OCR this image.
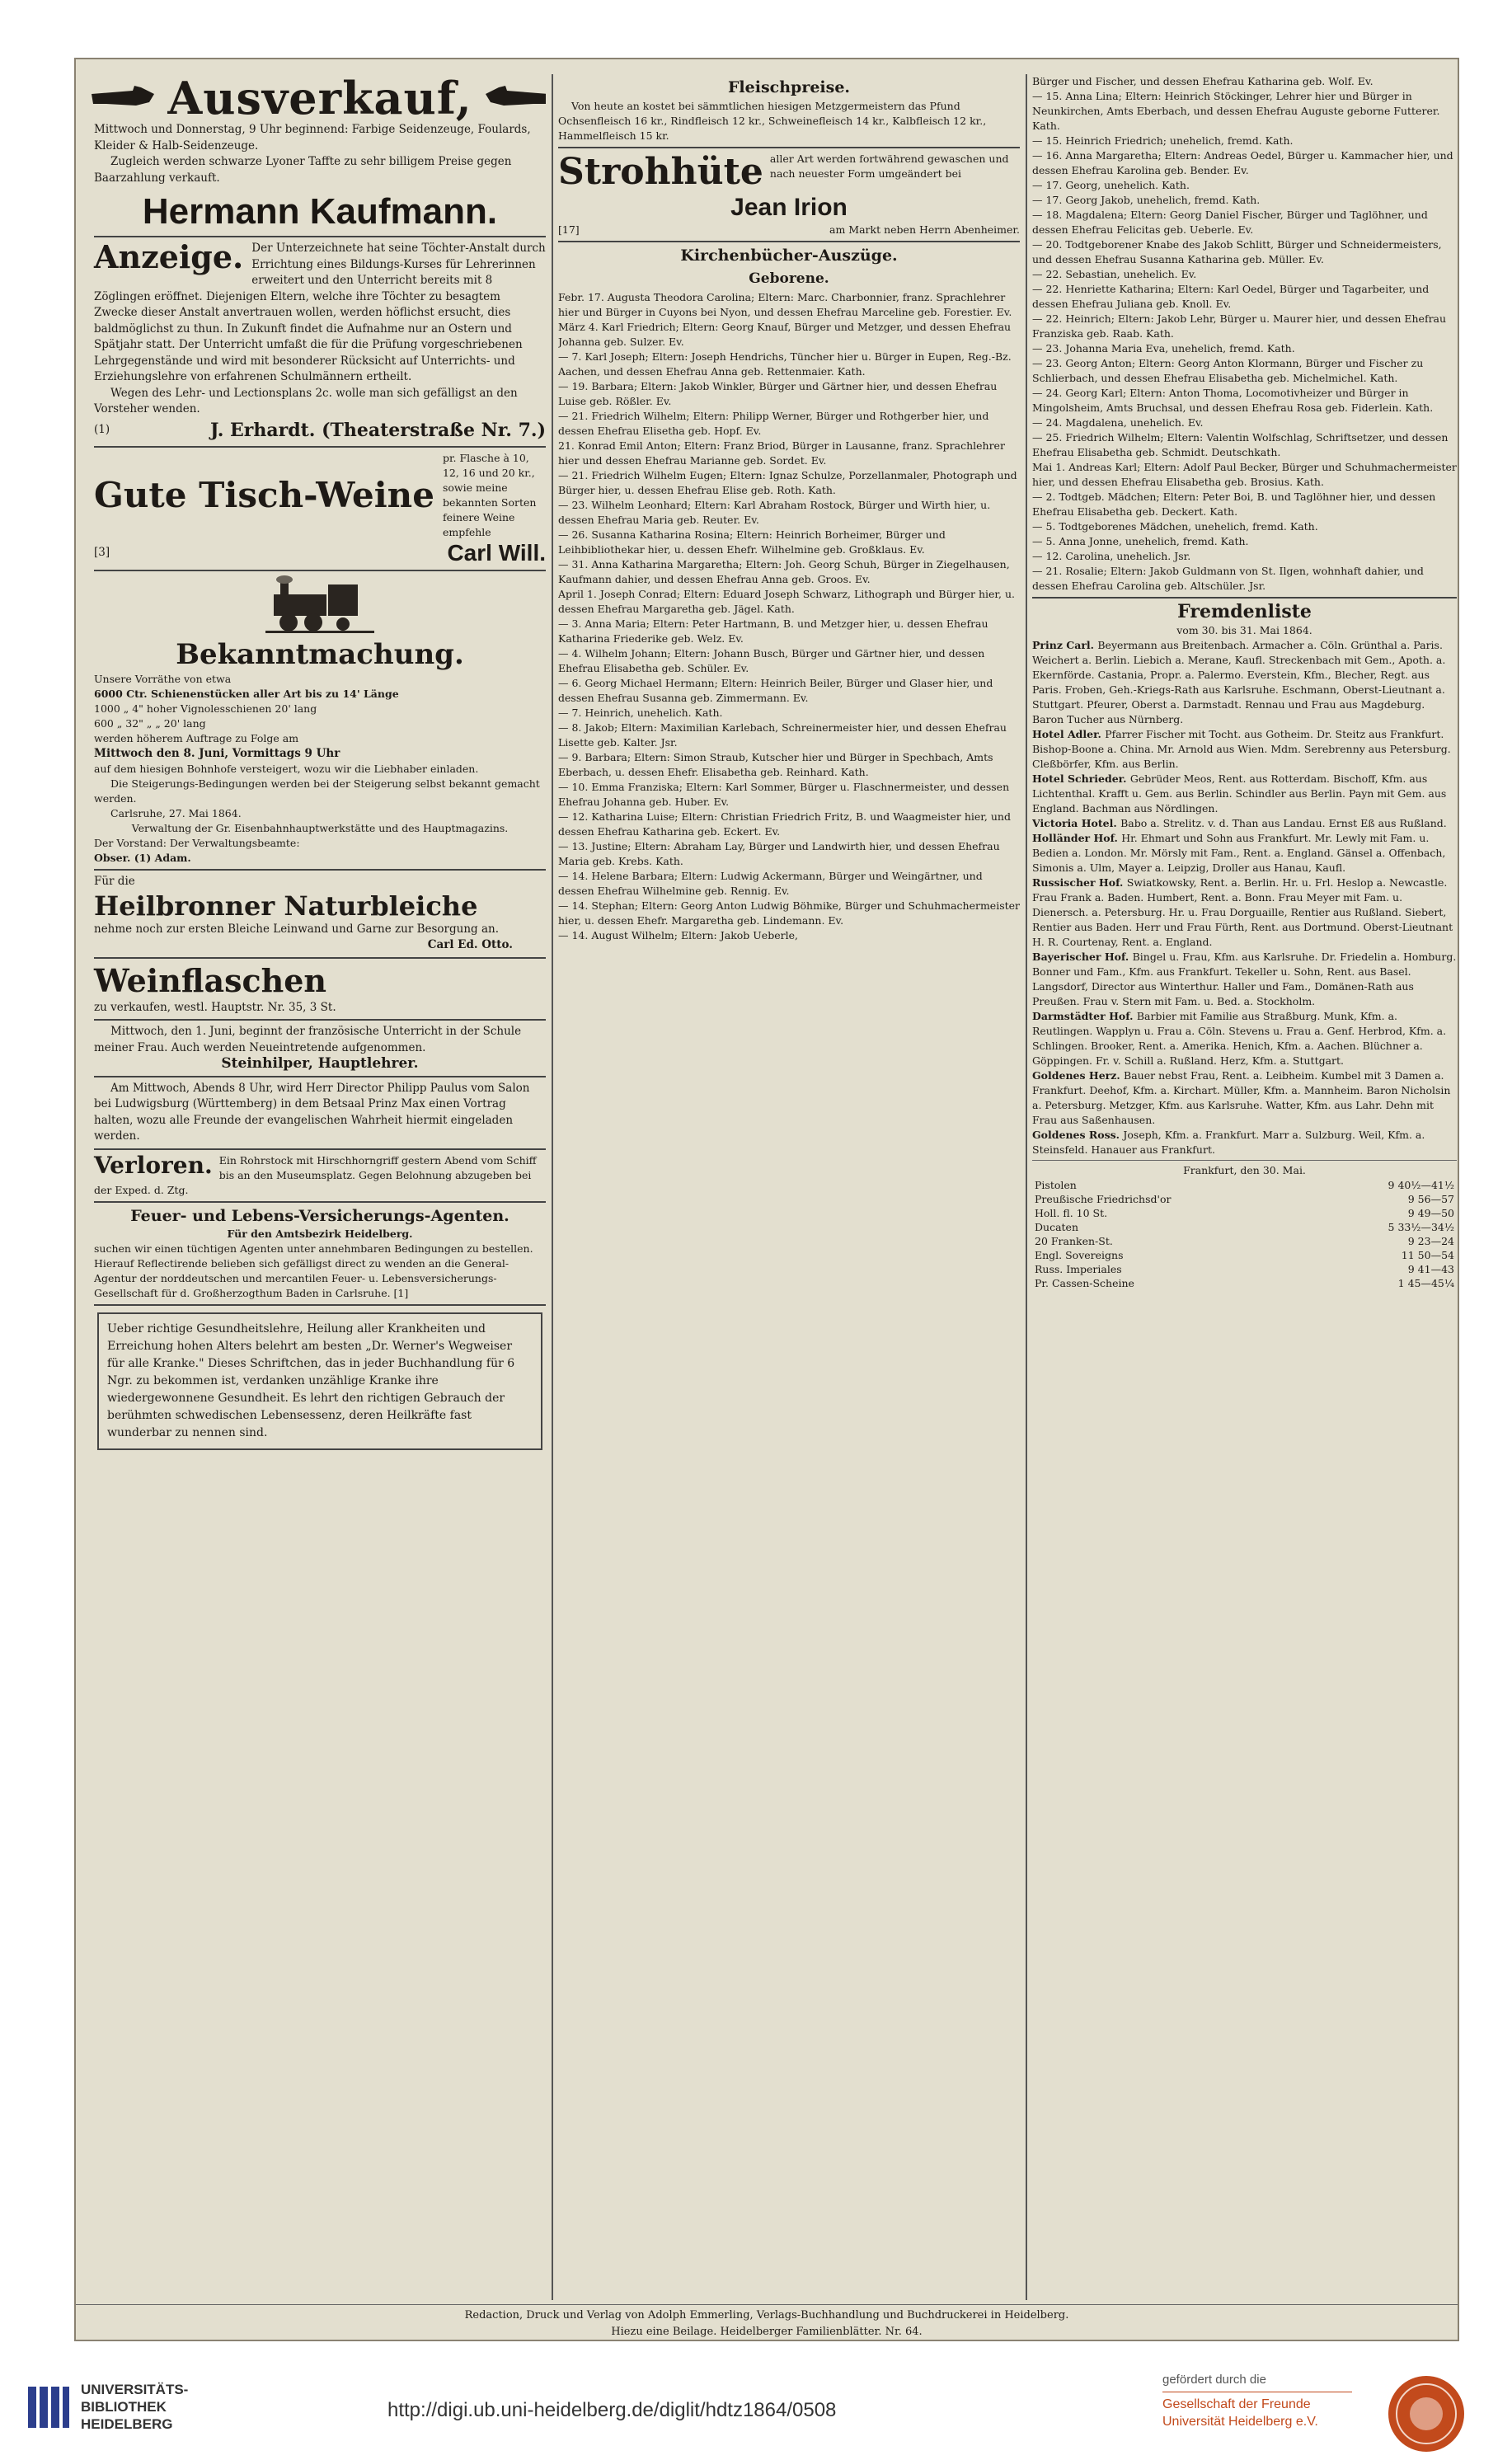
Ausverkauf,

Mittwoch und Donnerstag, 9 Uhr beginnend: Farbige Seidenzeuge, Foulards, Kleider & Halb-Seidenzeuge.

Zugleich werden schwarze Lyoner Taffte zu sehr billigem Preise gegen Baarzahlung verkauft.

Hermann Kaufmann.

Anzeige. Der Unterzeichnete hat seine Töchter-Anstalt durch Errichtung eines Bildungs-Kurses für Lehrerinnen erweitert und den Unterricht bereits mit 8 Zöglingen eröffnet. Diejenigen Eltern, welche ihre Töchter zu besagtem Zwecke dieser Anstalt anvertrauen wollen, werden höflichst ersucht, dies baldmöglichst zu thun. In Zukunft findet die Aufnahme nur an Ostern und Spätjahr statt. Der Unterricht umfaßt die für die Prüfung vorgeschriebenen Lehrgegenstände und wird mit besonderer Rücksicht auf Unterrichts- und Erziehungslehre von erfahrenen Schulmännern ertheilt.

Wegen des Lehr- und Lectionsplans 2c. wolle man sich gefälligst an den Vorsteher wenden.

(1)	J. Erhardt. (Theaterstraße Nr. 7.)
Gute Tisch-Weine
pr. Flasche à 10, 12, 16 und 20 kr., sowie meine bekannten Sorten feinere Weine empfehle
[3]	Carl Will.
Bekanntmachung.
Unsere Vorräthe von etwa
6000 Ctr. Schienenstücken aller Art bis zu 14' Länge
1000 „ 4" hoher Vignolesschienen 20' lang
600 „ 32" „ „ 20' lang
werden höherem Auftrage zu Folge am
Mittwoch den 8. Juni, Vormittags 9 Uhr
auf dem hiesigen Bohnhofe versteigert, wozu wir die Liebhaber einladen.
Die Steigerungs-Bedingungen werden bei der Steigerung selbst bekannt gemacht werden.
Carlsruhe, 27. Mai 1864.
Verwaltung der Gr. Eisenbahnhauptwerkstätte und des Hauptmagazins.
Der Vorstand: Der Verwaltungsbeamte:
Obser. (1) Adam.
Für die
Heilbronner Naturbleiche
nehme noch zur ersten Bleiche Leinwand und Garne zur Besorgung an.
Carl Ed. Otto.
Weinflaschen
zu verkaufen, westl. Hauptstr. Nr. 35, 3 St.

Mittwoch, den 1. Juni, beginnt der französische Unterricht in der Schule meiner Frau. Auch werden Neueintretende aufgenommen.

Steinhilper, Hauptlehrer.

Am Mittwoch, Abends 8 Uhr, wird Herr Director Philipp Paulus vom Salon bei Ludwigsburg (Württemberg) in dem Betsaal Prinz Max einen Vortrag halten, wozu alle Freunde der evangelischen Wahrheit hiermit eingeladen werden.

Verloren. Ein Rohrstock mit Hirschhorngriff gestern Abend vom Schiff bis an den Museumsplatz. Gegen Belohnung abzugeben bei der Exped. d. Ztg.

Feuer- und Lebens-Versicherungs-Agenten.
Für den Amtsbezirk Heidelberg.

suchen wir einen tüchtigen Agenten unter annehmbaren Bedingungen zu bestellen. Hierauf Reflectirende belieben sich gefälligst direct zu wenden an die General-Agentur der norddeutschen und mercantilen Feuer- u. Lebensversicherungs-Gesellschaft für d. Großherzogthum Baden in Carlsruhe. [1]

Ueber richtige Gesundheitslehre, Heilung aller Krankheiten und Erreichung hohen Alters belehrt am besten „Dr. Werner's Wegweiser für alle Kranke." Dieses Schriftchen, das in jeder Buchhandlung für 6 Ngr. zu bekommen ist, verdanken unzählige Kranke ihre wiedergewonnene Gesundheit. Es lehrt den richtigen Gebrauch der berühmten schwedischen Lebensessenz, deren Heilkräfte fast wunderbar zu nennen sind.

Fleischpreise.

Von heute an kostet bei sämmtlichen hiesigen Metzgermeistern das Pfund Ochsenfleisch 16 kr., Rindfleisch 12 kr., Schweinefleisch 14 kr., Kalbfleisch 12 kr., Hammelfleisch 15 kr.

Strohhüte aller Art werden fortwährend gewaschen und nach neuester Form umgeändert bei
Jean Irion
[17]	am Markt neben Herrn Abenheimer.
Kirchenbücher-Auszüge.
Geborene.

Febr. 17. Augusta Theodora Carolina; Eltern: Marc. Charbonnier, franz. Sprachlehrer hier und Bürger in Cuyons bei Nyon, und dessen Ehefrau Marceline geb. Forestier. Ev.

März 4. Karl Friedrich; Eltern: Georg Knauf, Bürger und Metzger, und dessen Ehefrau Johanna geb. Sulzer. Ev.

— 7. Karl Joseph; Eltern: Joseph Hendrichs, Tüncher hier u. Bürger in Eupen, Reg.-Bz. Aachen, und dessen Ehefrau Anna geb. Rettenmaier. Kath.

— 19. Barbara; Eltern: Jakob Winkler, Bürger und Gärtner hier, und dessen Ehefrau Luise geb. Rößler. Ev.

— 21. Friedrich Wilhelm; Eltern: Philipp Werner, Bürger und Rothgerber hier, und dessen Ehefrau Elisetha geb. Hopf. Ev.

21. Konrad Emil Anton; Eltern: Franz Briod, Bürger in Lausanne, franz. Sprachlehrer hier und dessen Ehefrau Marianne geb. Sordet. Ev.

— 21. Friedrich Wilhelm Eugen; Eltern: Ignaz Schulze, Porzellanmaler, Photograph und Bürger hier, u. dessen Ehefrau Elise geb. Roth. Kath.

— 23. Wilhelm Leonhard; Eltern: Karl Abraham Rostock, Bürger und Wirth hier, u. dessen Ehefrau Maria geb. Reuter. Ev.

— 26. Susanna Katharina Rosina; Eltern: Heinrich Borheimer, Bürger und Leihbibliothekar hier, u. dessen Ehefr. Wilhelmine geb. Großklaus. Ev.

— 31. Anna Katharina Margaretha; Eltern: Joh. Georg Schuh, Bürger in Ziegelhausen, Kaufmann dahier, und dessen Ehefrau Anna geb. Groos. Ev.

April 1. Joseph Conrad; Eltern: Eduard Joseph Schwarz, Lithograph und Bürger hier, u. dessen Ehefrau Margaretha geb. Jägel. Kath.

— 3. Anna Maria; Eltern: Peter Hartmann, B. und Metzger hier, u. dessen Ehefrau Katharina Friederike geb. Welz. Ev.

— 4. Wilhelm Johann; Eltern: Johann Busch, Bürger und Gärtner hier, und dessen Ehefrau Elisabetha geb. Schüler. Ev.

— 6. Georg Michael Hermann; Eltern: Heinrich Beiler, Bürger und Glaser hier, und dessen Ehefrau Susanna geb. Zimmermann. Ev.

— 7. Heinrich, unehelich. Kath.

— 8. Jakob; Eltern: Maximilian Karlebach, Schreinermeister hier, und dessen Ehefrau Lisette geb. Kalter. Jsr.

— 9. Barbara; Eltern: Simon Straub, Kutscher hier und Bürger in Spechbach, Amts Eberbach, u. dessen Ehefr. Elisabetha geb. Reinhard. Kath.

— 10. Emma Franziska; Eltern: Karl Sommer, Bürger u. Flaschnermeister, und dessen Ehefrau Johanna geb. Huber. Ev.

— 12. Katharina Luise; Eltern: Christian Friedrich Fritz, B. und Waagmeister hier, und dessen Ehefrau Katharina geb. Eckert. Ev.

— 13. Justine; Eltern: Abraham Lay, Bürger und Landwirth hier, und dessen Ehefrau Maria geb. Krebs. Kath.

— 14. Helene Barbara; Eltern: Ludwig Ackermann, Bürger und Weingärtner, und dessen Ehefrau Wilhelmine geb. Rennig. Ev.

— 14. Stephan; Eltern: Georg Anton Ludwig Böhmike, Bürger und Schuhmachermeister hier, u. dessen Ehefr. Margaretha geb. Lindemann. Ev.

— 14. August Wilhelm; Eltern: Jakob Ueberle,

Bürger und Fischer, und dessen Ehefrau Katharina geb. Wolf. Ev.

— 15. Anna Lina; Eltern: Heinrich Stöckinger, Lehrer hier und Bürger in Neunkirchen, Amts Eberbach, und dessen Ehefrau Auguste geborne Futterer. Kath.

— 15. Heinrich Friedrich; unehelich, fremd. Kath.

— 16. Anna Margaretha; Eltern: Andreas Oedel, Bürger u. Kammacher hier, und dessen Ehefrau Karolina geb. Bender. Ev.

— 17. Georg, unehelich. Kath.

— 17. Georg Jakob, unehelich, fremd. Kath.

— 18. Magdalena; Eltern: Georg Daniel Fischer, Bürger und Taglöhner, und dessen Ehefrau Felicitas geb. Ueberle. Ev.

— 20. Todtgeborener Knabe des Jakob Schlitt, Bürger und Schneidermeisters, und dessen Ehefrau Susanna Katharina geb. Müller. Ev.

— 22. Sebastian, unehelich. Ev.

— 22. Henriette Katharina; Eltern: Karl Oedel, Bürger und Tagarbeiter, und dessen Ehefrau Juliana geb. Knoll. Ev.

— 22. Heinrich; Eltern: Jakob Lehr, Bürger u. Maurer hier, und dessen Ehefrau Franziska geb. Raab. Kath.

— 23. Johanna Maria Eva, unehelich, fremd. Kath.

— 23. Georg Anton; Eltern: Georg Anton Klormann, Bürger und Fischer zu Schlierbach, und dessen Ehefrau Elisabetha geb. Michelmichel. Kath.

— 24. Georg Karl; Eltern: Anton Thoma, Locomotivheizer und Bürger in Mingolsheim, Amts Bruchsal, und dessen Ehefrau Rosa geb. Fiderlein. Kath.

— 24. Magdalena, unehelich. Ev.

— 25. Friedrich Wilhelm; Eltern: Valentin Wolfschlag, Schriftsetzer, und dessen Ehefrau Elisabetha geb. Schmidt. Deutschkath.

Mai 1. Andreas Karl; Eltern: Adolf Paul Becker, Bürger und Schuhmachermeister hier, und dessen Ehefrau Elisabetha geb. Brosius. Kath.

— 2. Todtgeb. Mädchen; Eltern: Peter Boi, B. und Taglöhner hier, und dessen Ehefrau Elisabetha geb. Deckert. Kath.

— 5. Todtgeborenes Mädchen, unehelich, fremd. Kath.

— 5. Anna Jonne, unehelich, fremd. Kath.

— 12. Carolina, unehelich. Jsr.

— 21. Rosalie; Eltern: Jakob Guldmann von St. Ilgen, wohnhaft dahier, und dessen Ehefrau Carolina geb. Altschüler. Jsr.

Fremdenliste
vom 30. bis 31. Mai 1864.

Prinz Carl. Beyermann aus Breitenbach. Armacher a. Cöln. Grünthal a. Paris. Weichert a. Berlin. Liebich a. Merane, Kaufl. Streckenbach mit Gem., Apoth. a. Ekernförde. Castania, Propr. a. Palermo. Everstein, Kfm., Blecher, Regt. aus Paris. Froben, Geh.-Kriegs-Rath aus Karlsruhe. Eschmann, Oberst-Lieutnant a. Stuttgart. Pfeurer, Oberst a. Darmstadt. Rennau und Frau aus Magdeburg. Baron Tucher aus Nürnberg.

Hotel Adler. Pfarrer Fischer mit Tocht. aus Gotheim. Dr. Steitz aus Frankfurt. Bishop-Boone a. China. Mr. Arnold aus Wien. Mdm. Serebrenny aus Petersburg. Cleßbörfer, Kfm. aus Berlin.

Hotel Schrieder. Gebrüder Meos, Rent. aus Rotterdam. Bischoff, Kfm. aus Lichtenthal. Krafft u. Gem. aus Berlin. Schindler aus Berlin. Payn mit Gem. aus England. Bachman aus Nördlingen.

Victoria Hotel. Babo a. Strelitz. v. d. Than aus Landau. Ernst Eß aus Rußland.

Holländer Hof. Hr. Ehmart und Sohn aus Frankfurt. Mr. Lewly mit Fam. u. Bedien a. London. Mr. Mörsly mit Fam., Rent. a. England. Gänsel a. Offenbach, Simonis a. Ulm, Mayer a. Leipzig, Droller aus Hanau, Kaufl.

Russischer Hof. Swiatkowsky, Rent. a. Berlin. Hr. u. Frl. Heslop a. Newcastle. Frau Frank a. Baden. Humbert, Rent. a. Bonn. Frau Meyer mit Fam. u. Dienersch. a. Petersburg. Hr. u. Frau Dorguaille, Rentier aus Rußland. Siebert, Rentier aus Baden. Herr und Frau Fürth, Rent. aus Dortmund. Oberst-Lieutnant H. R. Courtenay, Rent. a. England.

Bayerischer Hof. Bingel u. Frau, Kfm. aus Karlsruhe. Dr. Friedelin a. Homburg. Bonner und Fam., Kfm. aus Frankfurt. Tekeller u. Sohn, Rent. aus Basel. Langsdorf, Director aus Winterthur. Haller und Fam., Domänen-Rath aus Preußen. Frau v. Stern mit Fam. u. Bed. a. Stockholm.

Darmstädter Hof. Barbier mit Familie aus Straßburg. Munk, Kfm. a. Reutlingen. Wapplyn u. Frau a. Cöln. Stevens u. Frau a. Genf. Herbrod, Kfm. a. Schlingen. Brooker, Rent. a. Amerika. Henich, Kfm. a. Aachen. Blüchner a. Göppingen. Fr. v. Schill a. Rußland. Herz, Kfm. a. Stuttgart.

Goldenes Herz. Bauer nebst Frau, Rent. a. Leibheim. Kumbel mit 3 Damen a. Frankfurt. Deehof, Kfm. a. Kirchart. Müller, Kfm. a. Mannheim. Baron Nicholsin a. Petersburg. Metzger, Kfm. aus Karlsruhe. Watter, Kfm. aus Lahr. Dehn mit Frau aus Saßenhausen.

Goldenes Ross. Joseph, Kfm. a. Frankfurt. Marr a. Sulzburg. Weil, Kfm. a. Steinsfeld. Hanauer aus Frankfurt.

Frankfurt, den 30. Mai.
Pistolen	9 40½—41½
Preußische Friedrichsd'or	9 56—57
Holl. fl. 10 St.	9 49—50
Ducaten	5 33½—34½
20 Franken-St.	9 23—24
Engl. Sovereigns	11 50—54
Russ. Imperiales	9 41—43
Pr. Cassen-Scheine	1 45—45¼
Redaction, Druck und Verlag von Adolph Emmerling, Verlags-Buchhandlung und Buchdruckerei in Heidelberg.
Hiezu eine Beilage. Heidelberger Familienblätter. Nr. 64.
UNIVERSITÄTS-
BIBLIOTHEK
HEIDELBERG
http://digi.ub.uni-heidelberg.de/diglit/hdtz1864/0508
gefördert durch die
Gesellschaft der Freunde
Universität Heidelberg e.V.
